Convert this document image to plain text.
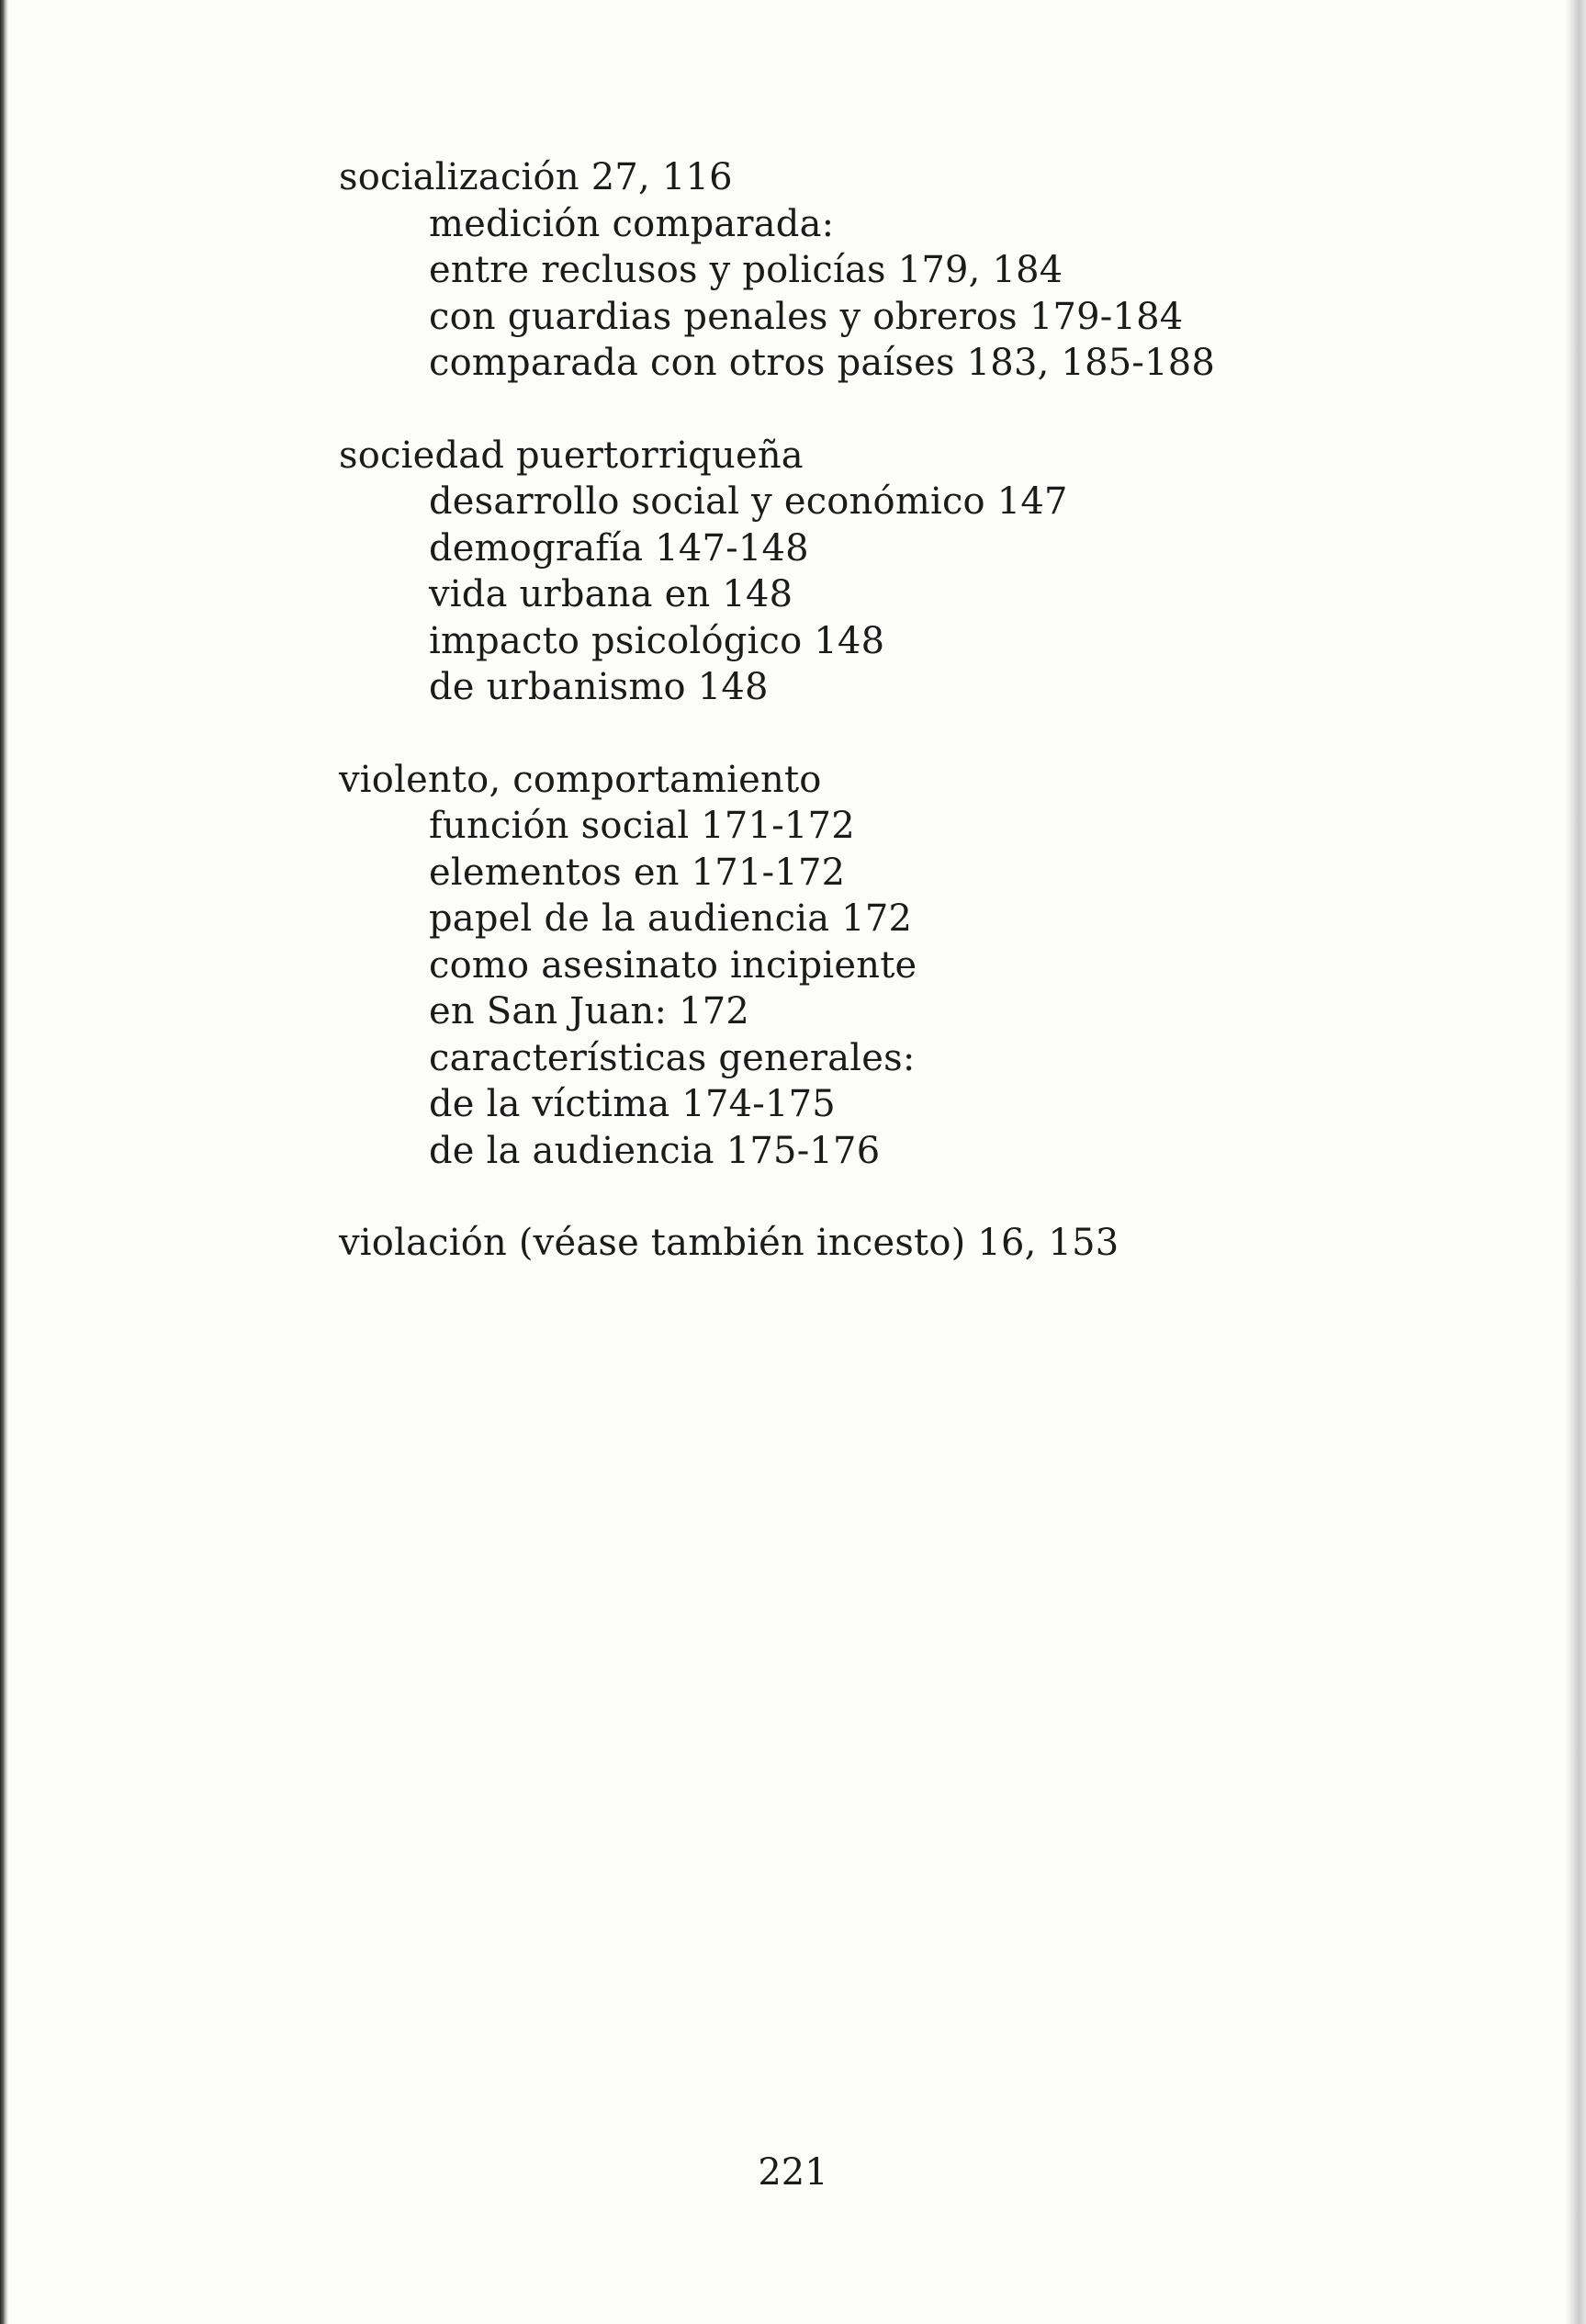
socialización 27, 116
medición comparada:
entre reclusos y policías 179, 184
con guardias penales y obreros 179-184
comparada con otros países 183, 185-188
sociedad puertorriqueña
desarrollo social y económico 147
demografía 147-148
vida urbana en 148
impacto psicológico 148
de urbanismo 148
violento, comportamiento
función social 171-172
elementos en 171-172
papel de la audiencia 172
como asesinato incipiente
en San Juan: 172
características generales:
de la víctima 174-175
de la audiencia 175-176
violación (véase también incesto) 16, 153
221
